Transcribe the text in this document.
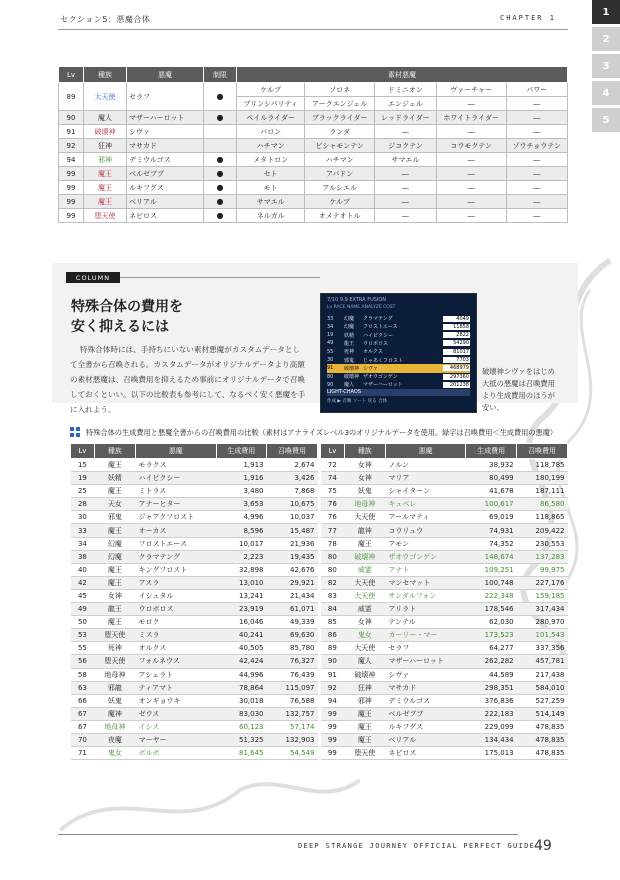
セクション5：悪魔合体	CHAPTER 1
1
2
3
4
5
Lv	種族	悪魔	制限	素材悪魔				
89	大天使	セラフ	●	ケルプ	ソロネ	ドミニオン	ヴァーチャー	パワー
				プリンシパリティ	アークエンジェル	エンジェル	―	―
90	魔人	マザーハーロット	●	ペイルライダー	ブラックライダー	レッドライダー	ホワイトライダー	―
91	破壊神	シヴァ		バロン	ランダ	―	―	―
92	狂神	マサカド		ハチマン	ビシャモンテン	ジコクテン	コウモクテン	ゾウチョウテン
94	邪神	デミウルゴス	●	メタトロン	ハチマン	サマエル	―	―
99	魔王	ベルゼブブ	●	セト	アバドン	―	―	―
99	魔王	ルキフグス	●	モト	アルシエル	―	―	―
99	魔王	ベリアル	●	サマエル	ケルプ	―	―	―
99	堕天使	ネビロス	●	ネルガル	オメテオトル	―	―	―
COLUMN
特殊合体の費用を
安く抑えるには
特殊合体時には、手持ちにいない素材悪魔がカスタムデータとして全書から召喚される。カスタムデータがオリジナルデータより高額の素材悪魔は、召喚費用を抑えるため事前にオリジナルデータで召喚しておくといい。以下の比較表も参考にして、なるべく安く悪魔を手に入れよう。
7/10 9.9 EXTRA FUSION
Lv RACE NAME ANALYZE COST
33	幻魔	クラマテング	4049
34	幻魔	フロストエース	11858
19	妖精	ハイピクシー	2822
49	龍王	ウロボロス	54290
55	死神	オルクス	81017
30	邪鬼	じゃあくフロスト	7703
91	破壊神 シヴァ	468979
80	破壊神 ザオウゴンゲン	297360
90	魔人	マザーハーロット	201238
LIGHT-CHAOS
作成 ▶ 召喚 ソート 戻る 合体
破壊神シヴァをはじめ大抵の悪魔は召喚費用より生成費用のほうが安い。
特殊合体の生成費用と悪魔全書からの召喚費用の比較（素材はアナライズレベル3のオリジナルデータを使用。緑字は召喚費用＜生成費用の悪魔）
Lv	種族	悪魔	生成費用	召喚費用
15	魔王	モラクス	1,913	2,674
19	妖精	ハイピクシー	1,916	3,426
25	魔王	ミトラス	3,480	7,868
28	天女	アナーヒター	3,653	10,675
30	邪鬼	ジャアクフロスト	4,996	10,037
33	魔王	オーカス	8,596	15,487
34	幻魔	フロストエース	10,017	21,936
38	幻魔	クラマテング	2,223	19,435
40	魔王	キングフロスト	32,898	42,676
42	魔王	アスラ	13,010	29,921
45	女神	イシュタル	13,241	21,434
49	龍王	ウロボロス	23,919	61,071
50	魔王	モロク	16,046	49,339
53	堕天使	ミスラ	40,241	69,630
55	死神	オルクス	40,505	85,780
56	堕天使	フォルネウス	42,424	76,327
58	地母神	アシェラト	44,996	76,439
63	邪龍	ティアマト	78,864	115,097
66	妖鬼	オンギョウキ	30,018	76,588
67	魔神	ゼウス	83,030	132,757
67	地母神	イシス	60,123	57,174
70	夜魔	マーヤー	51,325	132,903
71	鬼女	ボルボ	81,645	54,549
Lv	種族	悪魔	生成費用	召喚費用
72	女神	ノルン	38,932	118,785
74	女神	マリア	80,499	180,199
75	妖鬼	シャイターン	41,678	187,111
76	地母神	キュベレ	100,617	86,580
76	大天使	アールマティ	69,019	118,865
77	龍神	コウリュウ	74,931	209,422
78	魔王	アモン	74,352	230,553
80	破壊神	ザオウゴンゲン	148,674	137,283
80	威霊	アナト	109,251	99,975
82	大天使	マンセマット	100,748	227,176
83	大天使	サンダルフォン	222,348	159,185
84	威霊	アリラト	178,546	317,434
85	女神	テンテル	62,030	280,970
86	鬼女	カーリー・マー	173,523	101,543
89	大天使	セラフ	64,277	337,356
90	魔人	マザーハーロット	262,282	457,781
91	破壊神	シヴァ	44,589	217,438
92	狂神	マサカド	298,351	584,010
94	邪神	デミウルゴス	376,836	527,259
99	魔王	ベルゼブブ	222,183	514,149
99	魔王	ルキフグス	229,099	478,835
99	魔王	ベリアル	134,434	478,835
99	堕天使	ネビロス	175,013	478,835
DEEP STRANGE JOURNEY OFFICIAL PERFECT GUIDE
49
